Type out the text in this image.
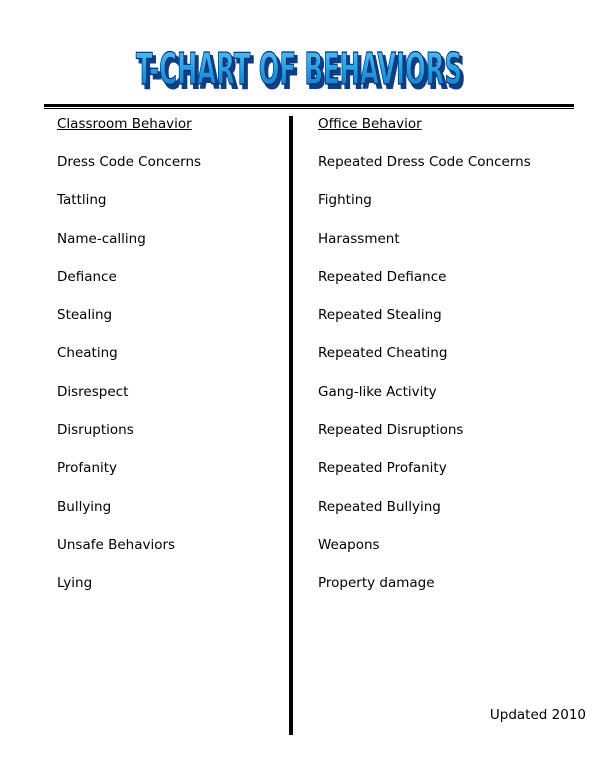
T-CHART OF BEHAVIORS
T-CHART OF BEHAVIORS
Classroom Behavior
Dress Code Concerns
Tattling
Name-calling
Defiance
Stealing
Cheating
Disrespect
Disruptions
Profanity
Bullying
Unsafe Behaviors
Lying
Office Behavior
Repeated Dress Code Concerns
Fighting
Harassment
Repeated Defiance
Repeated Stealing
Repeated Cheating
Gang-like Activity
Repeated Disruptions
Repeated Profanity
Repeated Bullying
Weapons
Property damage
Updated 2010
